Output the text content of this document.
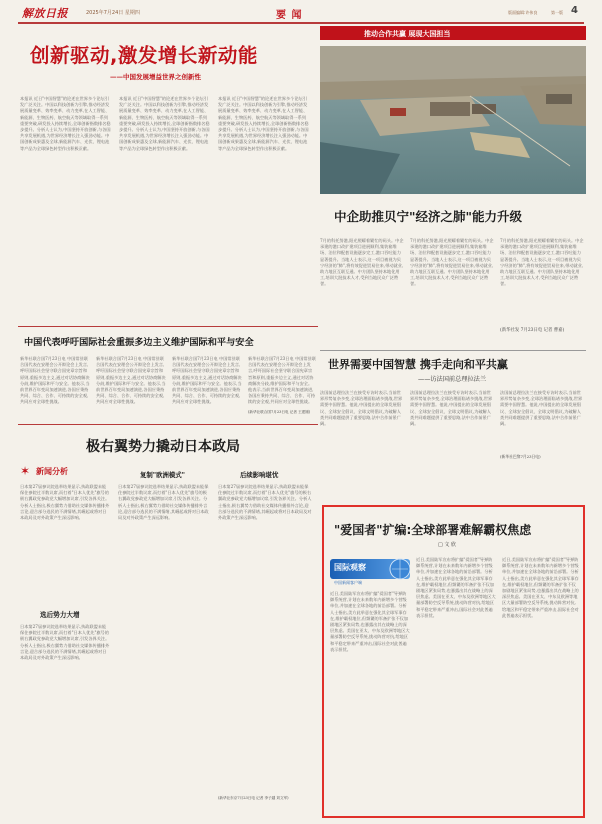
解放日报	2025年7月24日 星期四	要 闻	版面编辑:许伟良	第一版 4
创新驱动,激发增长新动能
——中国发展增益世界之创新性
本报讯 近日"中国智慧"的论述在世界多个论坛引发广泛关注。中国以科技创新为引擎,推动经济发展质量变革、效率变革、动力变革,在人工智能、新能源、生物医药、航空航天等领域取得一系列重要突破,研发投入持续增长,全球创新指数排名稳步提升。分析人士认为,中国坚持开放创新,与各国共享发展机遇,为世界经济增长注入强劲动能。中国创新成果惠及全球,新能源汽车、光伏、锂电池等产品为全球绿色转型作出积极贡献。
本报讯 近日"中国智慧"的论述在世界多个论坛引发广泛关注。中国以科技创新为引擎,推动经济发展质量变革、效率变革、动力变革,在人工智能、新能源、生物医药、航空航天等领域取得一系列重要突破,研发投入持续增长,全球创新指数排名稳步提升。分析人士认为,中国坚持开放创新,与各国共享发展机遇,为世界经济增长注入强劲动能。中国创新成果惠及全球,新能源汽车、光伏、锂电池等产品为全球绿色转型作出积极贡献。
本报讯 近日"中国智慧"的论述在世界多个论坛引发广泛关注。中国以科技创新为引擎,推动经济发展质量变革、效率变革、动力变革,在人工智能、新能源、生物医药、航空航天等领域取得一系列重要突破,研发投入持续增长,全球创新指数排名稳步提升。分析人士认为,中国坚持开放创新,与各国共享发展机遇,为世界经济增长注入强劲动能。中国创新成果惠及全球,新能源汽车、光伏、锂电池等产品为全球绿色转型作出积极贡献。
推动合作共赢 展现大国担当
中企助推贝宁"经济之肺"能力升级
7月的科托努港,阳光照耀着繁忙的码头。中企承建的港口改扩建项目进展顺利,集装箱堆场、泊位和配套设施逐步完工,港口吞吐能力显著提升。当地人士表示,这一项目被视为贝宁经济的"肺",将有效促进贸易往来,带动就业,助力地区互联互通。中方团队坚持本地化用工,培训大批技术人才,受到当地民众广泛赞誉。
7月的科托努港,阳光照耀着繁忙的码头。中企承建的港口改扩建项目进展顺利,集装箱堆场、泊位和配套设施逐步完工,港口吞吐能力显著提升。当地人士表示,这一项目被视为贝宁经济的"肺",将有效促进贸易往来,带动就业,助力地区互联互通。中方团队坚持本地化用工,培训大批技术人才,受到当地民众广泛赞誉。
7月的科托努港,阳光照耀着繁忙的码头。中企承建的港口改扩建项目进展顺利,集装箱堆场、泊位和配套设施逐步完工,港口吞吐能力显著提升。当地人士表示,这一项目被视为贝宁经济的"肺",将有效促进贸易往来,带动就业,助力地区互联互通。中方团队坚持本地化用工,培训大批技术人才,受到当地民众广泛赞誉。
(新华社发 7月23日电 记者 曹嘉)
中国代表呼吁国际社会重振多边主义维护国际和平与安全
新华社联合国7月23日电 中国常驻联合国代表在安理会公开辩论会上发言,呼吁国际社会坚守联合国宪章宗旨和原则,重振多边主义,通过对话协商解决分歧,维护国际和平与安全。他表示,当前世界百年变局加速演进,各国应秉持共同、综合、合作、可持续的安全观,共同应对全球性挑战。
新华社联合国7月23日电 中国常驻联合国代表在安理会公开辩论会上发言,呼吁国际社会坚守联合国宪章宗旨和原则,重振多边主义,通过对话协商解决分歧,维护国际和平与安全。他表示,当前世界百年变局加速演进,各国应秉持共同、综合、合作、可持续的安全观,共同应对全球性挑战。
新华社联合国7月23日电 中国常驻联合国代表在安理会公开辩论会上发言,呼吁国际社会坚守联合国宪章宗旨和原则,重振多边主义,通过对话协商解决分歧,维护国际和平与安全。他表示,当前世界百年变局加速演进,各国应秉持共同、综合、合作、可持续的安全观,共同应对全球性挑战。
新华社联合国7月23日电 中国常驻联合国代表在安理会公开辩论会上发言,呼吁国际社会坚守联合国宪章宗旨和原则,重振多边主义,通过对话协商解决分歧,维护国际和平与安全。他表示,当前世界百年变局加速演进,各国应秉持共同、综合、合作、可持续的安全观,共同应对全球性挑战。
(新华社联合国7月23日电 记者 王建刚)
世界需要中国智慧 携手走向和平共赢
——访法国前总理拉法兰
法国前总理拉法兰在接受专访时表示,当前世界形势复杂多变,全球治理面临诸多挑战,世界需要中国智慧。他说,中国提出的全球发展倡议、全球安全倡议、全球文明倡议,为破解人类共同难题提供了重要思路,法中合作前景广阔。
法国前总理拉法兰在接受专访时表示,当前世界形势复杂多变,全球治理面临诸多挑战,世界需要中国智慧。他说,中国提出的全球发展倡议、全球安全倡议、全球文明倡议,为破解人类共同难题提供了重要思路,法中合作前景广阔。
法国前总理拉法兰在接受专访时表示,当前世界形势复杂多变,全球治理面临诸多挑战,世界需要中国智慧。他说,中国提出的全球发展倡议、全球安全倡议、全球文明倡议,为破解人类共同难题提供了重要思路,法中合作前景广阔。
(新华社巴黎7月23日电)
极右翼势力撬动日本政局
✶ 新闻分析
日本第27届参议院选举结果显示,执政联盟未能保住参院过半数议席,而打着"日本人优先"旗号的极右翼政党参政党大幅增加议席,引发各界关注。分析人士指出,极右翼势力借助社交媒体传播排外言论,迎合部分选民的不满情绪,其崛起或将对日本政局及对外政策产生深远影响。
选后势力大增
日本第27届参议院选举结果显示,执政联盟未能保住参院过半数议席,而打着"日本人优先"旗号的极右翼政党参政党大幅增加议席,引发各界关注。分析人士指出,极右翼势力借助社交媒体传播排外言论,迎合部分选民的不满情绪,其崛起或将对日本政局及对外政策产生深远影响。
复制"欧洲模式"
日本第27届参议院选举结果显示,执政联盟未能保住参院过半数议席,而打着"日本人优先"旗号的极右翼政党参政党大幅增加议席,引发各界关注。分析人士指出,极右翼势力借助社交媒体传播排外言论,迎合部分选民的不满情绪,其崛起或将对日本政局及对外政策产生深远影响。
后续影响堪忧
日本第27届参议院选举结果显示,执政联盟未能保住参院过半数议席,而打着"日本人优先"旗号的极右翼政党参政党大幅增加议席,引发各界关注。分析人士指出,极右翼势力借助社交媒体传播排外言论,迎合部分选民的不满情绪,其崛起或将对日本政局及对外政策产生深远影响。
(新华社东京7月23日电 记者 李子越 刘文军)
"爱国者"扩编:全球部署难解霸权焦虑
□ 文 欣
国际观察
中国新闻客户端
近日,美国陆军宣布将扩编"爱国者"导弹防御系统营,计划在未来数年内新增多个营级单位,并加速在全球各地的前沿部署。分析人士指出,美方此举意在强化其全球军事存在,维护霸权地位,但频繁的军备扩张不仅加剧地区紧张局势,也暴露出其在战略上的深层焦虑。美国在亚太、中东及欧洲等地区大量部署防空反导系统,挑动阵营对抗,给地区和平稳定带来严重冲击,国际社会对此普遍表示担忧。
近日,美国陆军宣布将扩编"爱国者"导弹防御系统营,计划在未来数年内新增多个营级单位,并加速在全球各地的前沿部署。分析人士指出,美方此举意在强化其全球军事存在,维护霸权地位,但频繁的军备扩张不仅加剧地区紧张局势,也暴露出其在战略上的深层焦虑。美国在亚太、中东及欧洲等地区大量部署防空反导系统,挑动阵营对抗,给地区和平稳定带来严重冲击,国际社会对此普遍表示担忧。
近日,美国陆军宣布将扩编"爱国者"导弹防御系统营,计划在未来数年内新增多个营级单位,并加速在全球各地的前沿部署。分析人士指出,美方此举意在强化其全球军事存在,维护霸权地位,但频繁的军备扩张不仅加剧地区紧张局势,也暴露出其在战略上的深层焦虑。美国在亚太、中东及欧洲等地区大量部署防空反导系统,挑动阵营对抗,给地区和平稳定带来严重冲击,国际社会对此普遍表示担忧。
